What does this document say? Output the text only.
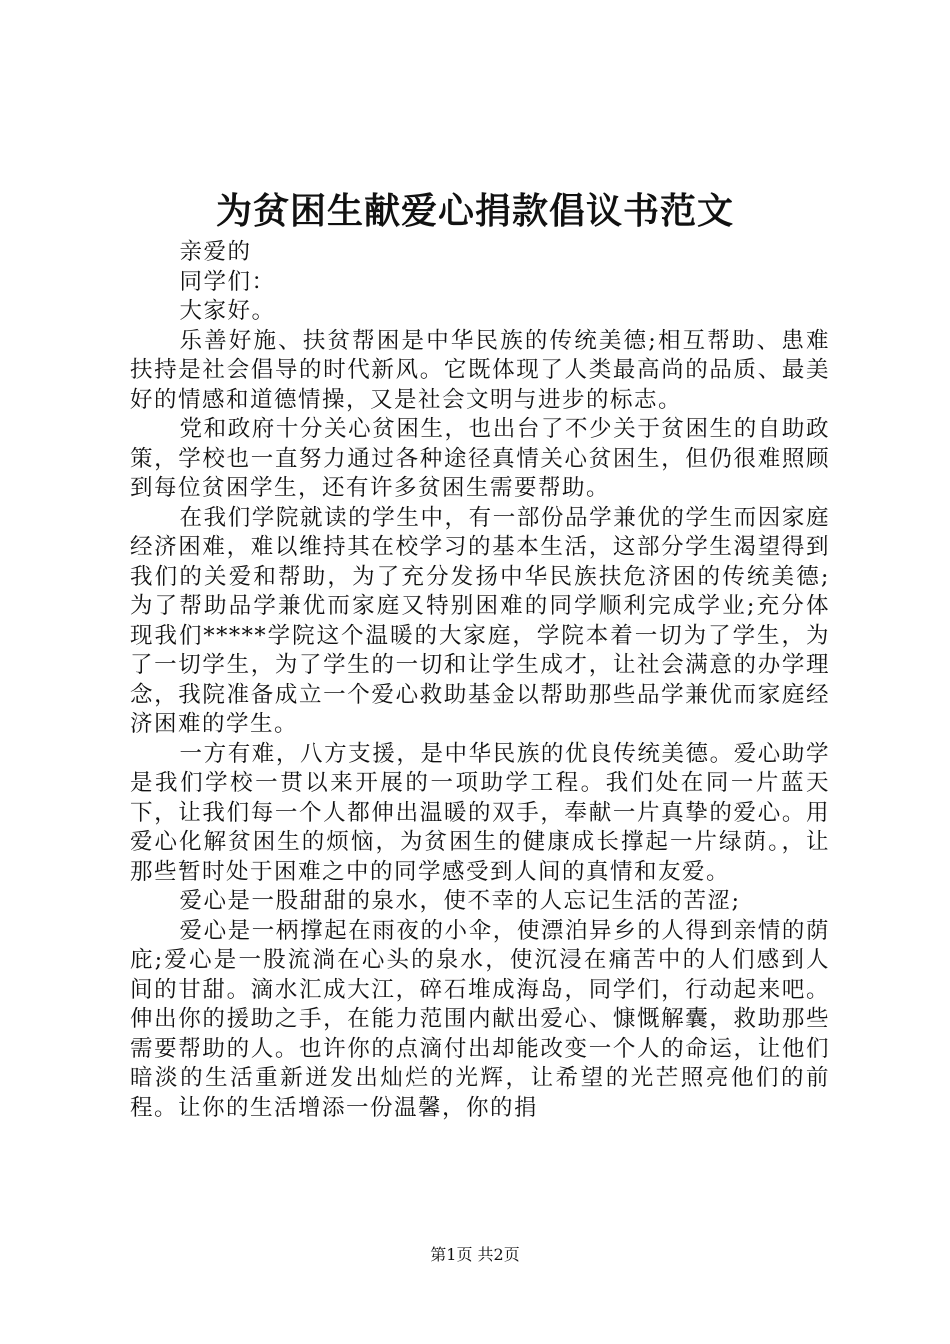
为贫困生献爱心捐款倡议书范文

亲爱的

同学们：

大家好。

乐善好施、扶贫帮困是中华民族的传统美德;相互帮助、患难扶持是社会倡导的时代新风。它既体现了人类最高尚的品质、最美好的情感和道德情操，又是社会文明与进步的标志。

党和政府十分关心贫困生，也出台了不少关于贫困生的自助政策，学校也一直努力通过各种途径真情关心贫困生，但仍很难照顾到每位贫困学生，还有许多贫困生需要帮助。

在我们学院就读的学生中，有一部份品学兼优的学生而因家庭经济困难，难以维持其在校学习的基本生活，这部分学生渴望得到我们的关爱和帮助，为了充分发扬中华民族扶危济困的传统美德;为了帮助品学兼优而家庭又特别困难的同学顺利完成学业;充分体现我们*****学院这个温暖的大家庭，学院本着一切为了学生，为了一切学生，为了学生的一切和让学生成才，让社会满意的办学理念，我院准备成立一个爱心救助基金以帮助那些品学兼优而家庭经济困难的学生。

一方有难，八方支援，是中华民族的优良传统美德。爱心助学是我们学校一贯以来开展的一项助学工程。我们处在同一片蓝天下，让我们每一个人都伸出温暖的双手，奉献一片真挚的爱心。用爱心化解贫困生的烦恼，为贫困生的健康成长撑起一片绿荫。，让那些暂时处于困难之中的同学感受到人间的真情和友爱。

爱心是一股甜甜的泉水，使不幸的人忘记生活的苦涩;

爱心是一柄撑起在雨夜的小伞，使漂泊异乡的人得到亲情的荫庇;爱心是一股流淌在心头的泉水，使沉浸在痛苦中的人们感到人间的甘甜。滴水汇成大江，碎石堆成海岛，同学们，行动起来吧。伸出你的援助之手，在能力范围内献出爱心、慷慨解囊，救助那些需要帮助的人。也许你的点滴付出却能改变一个人的命运，让他们暗淡的生活重新迸发出灿烂的光辉，让希望的光芒照亮他们的前程。让你的生活增添一份温馨，你的捐

第1页 共2页
